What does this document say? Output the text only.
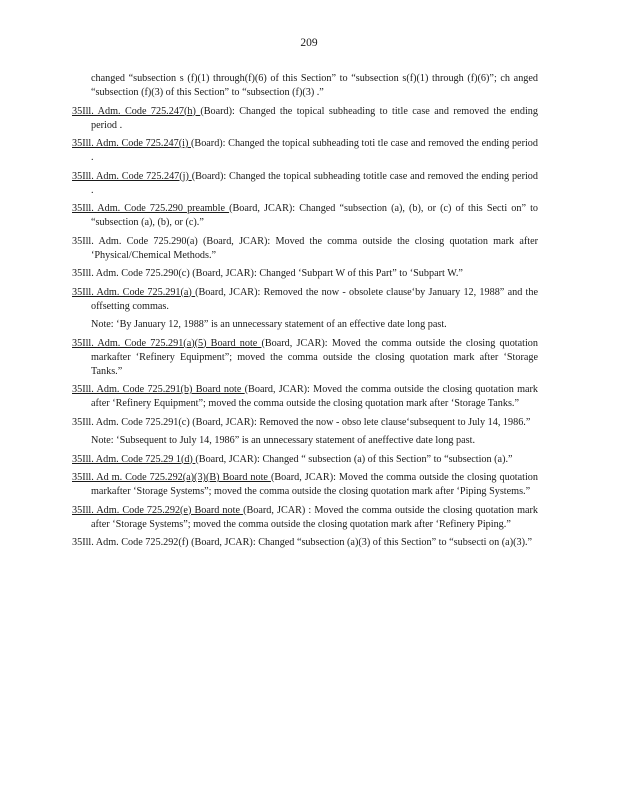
209

changed “subsection s (f)(1) through(f)(6) of this Section” to “subsection s(f)(1) through (f)(6)”; ch anged “subsection (f)(3) of this Section” to “subsection (f)(3) .”

35Ill. Adm. Code 725.247(h) (Board): Changed the topical subheading to title case and removed the ending period .

35Ill. Adm. Code 725.247(i) (Board): Changed the topical subheading toti tle case and removed the ending period .

35Ill. Adm. Code 725.247(j) (Board): Changed the topical subheading totitle case and removed the ending period .

35Ill. Adm. Code 725.290 preamble (Board, JCAR): Changed “subsection (a), (b), or (c) of this Secti on” to “subsection (a), (b), or (c).”

35Ill. Adm. Code 725.290(a) (Board, JCAR): Moved the comma outside the closing quotation mark after ‘Physical/Chemical Methods.”

35Ill. Adm. Code 725.290(c) (Board, JCAR): Changed ‘Subpart W of this Part” to ‘Subpart W.”

35Ill. Adm. Code 725.291(a) (Board, JCAR): Removed the now - obsolete clause‘by January 12, 1988” and the offsetting commas.

Note: ‘By January 12, 1988” is an unnecessary statement of an effective date long past.

35Ill. Adm. Code 725.291(a)(5) Board note (Board, JCAR): Moved the comma outside the closing quotation markafter ‘Refinery Equipment”; moved the comma outside the closing quotation mark after ‘Storage Tanks.”

35Ill. Adm. Code 725.291(b) Board note (Board, JCAR): Moved the comma outside the closing quotation mark after ‘Refinery Equipment”; moved the comma outside the closing quotation mark after ‘Storage Tanks.”

35Ill. Adm. Code 725.291(c) (Board, JCAR): Removed the now - obso lete clause‘subsequent to July 14, 1986.”

Note: ‘Subsequent to July 14, 1986” is an unnecessary statement of aneffective date long past.

35Ill. Adm. Code 725.29 1(d) (Board, JCAR): Changed “ subsection (a) of this Section” to “subsection (a).”

35Ill. Ad m. Code 725.292(a)(3)(B) Board note (Board, JCAR): Moved the comma outside the closing quotation markafter ‘Storage Systems”; moved the comma outside the closing quotation mark after ‘Piping Systems.”

35Ill. Adm. Code 725.292(e) Board note (Board, JCAR) : Moved the comma outside the closing quotation mark after ‘Storage Systems”; moved the comma outside the closing quotation mark after ‘Refinery Piping.”

35Ill. Adm. Code 725.292(f) (Board, JCAR): Changed “subsection (a)(3) of this Section” to “subsecti on (a)(3).”
